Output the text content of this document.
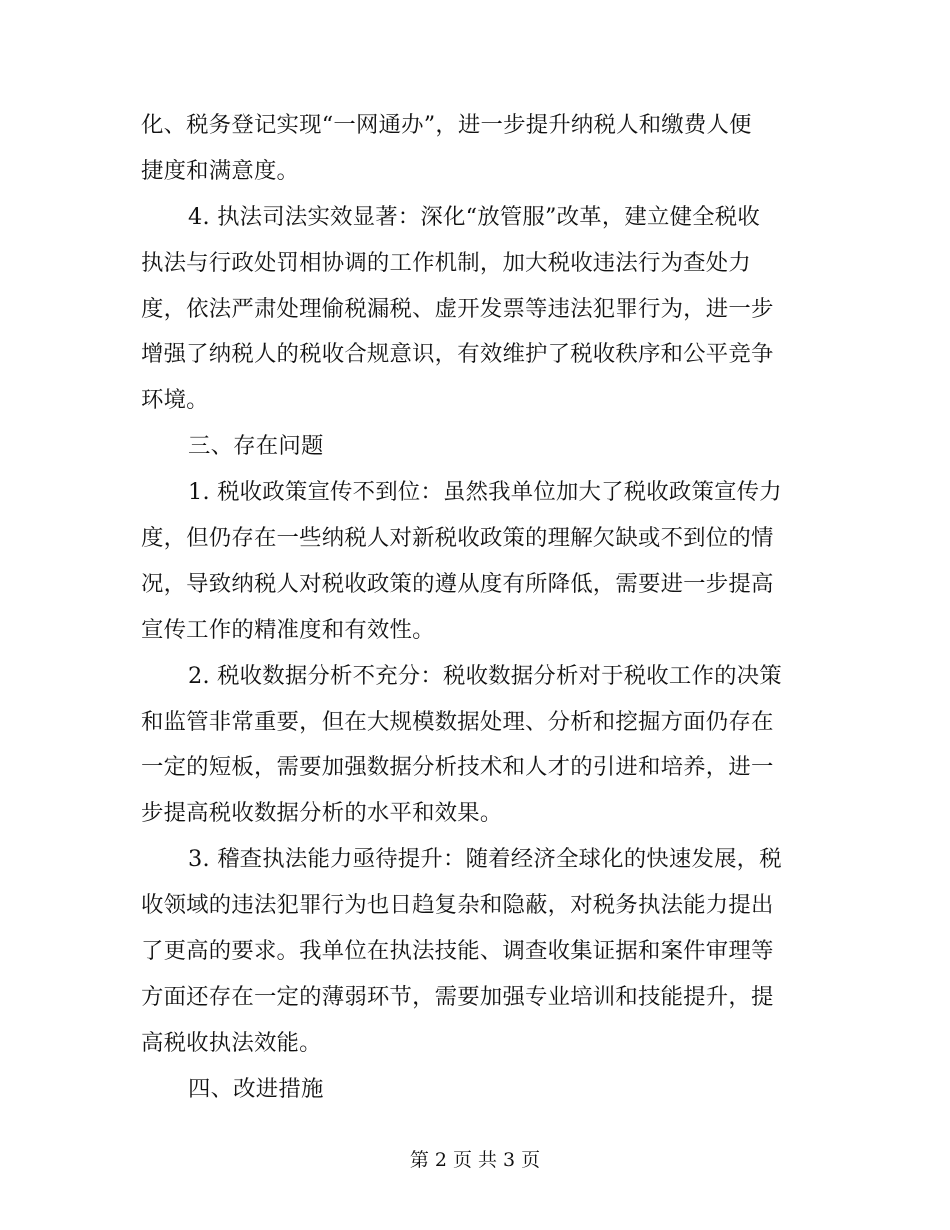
化、税务登记实现“一网通办”，进一步提升纳税人和缴费人便
捷度和满意度。
4. 执法司法实效显著：深化“放管服”改革，建立健全税收
执法与行政处罚相协调的工作机制，加大税收违法行为查处力
度，依法严肃处理偷税漏税、虚开发票等违法犯罪行为，进一步
增强了纳税人的税收合规意识，有效维护了税收秩序和公平竞争
环境。
三、存在问题
1. 税收政策宣传不到位：虽然我单位加大了税收政策宣传力
度，但仍存在一些纳税人对新税收政策的理解欠缺或不到位的情
况，导致纳税人对税收政策的遵从度有所降低，需要进一步提高
宣传工作的精准度和有效性。
2. 税收数据分析不充分：税收数据分析对于税收工作的决策
和监管非常重要，但在大规模数据处理、分析和挖掘方面仍存在
一定的短板，需要加强数据分析技术和人才的引进和培养，进一
步提高税收数据分析的水平和效果。
3. 稽查执法能力亟待提升：随着经济全球化的快速发展，税
收领域的违法犯罪行为也日趋复杂和隐蔽，对税务执法能力提出
了更高的要求。我单位在执法技能、调查收集证据和案件审理等
方面还存在一定的薄弱环节，需要加强专业培训和技能提升，提
高税收执法效能。
四、改进措施
第 2 页 共 3 页
